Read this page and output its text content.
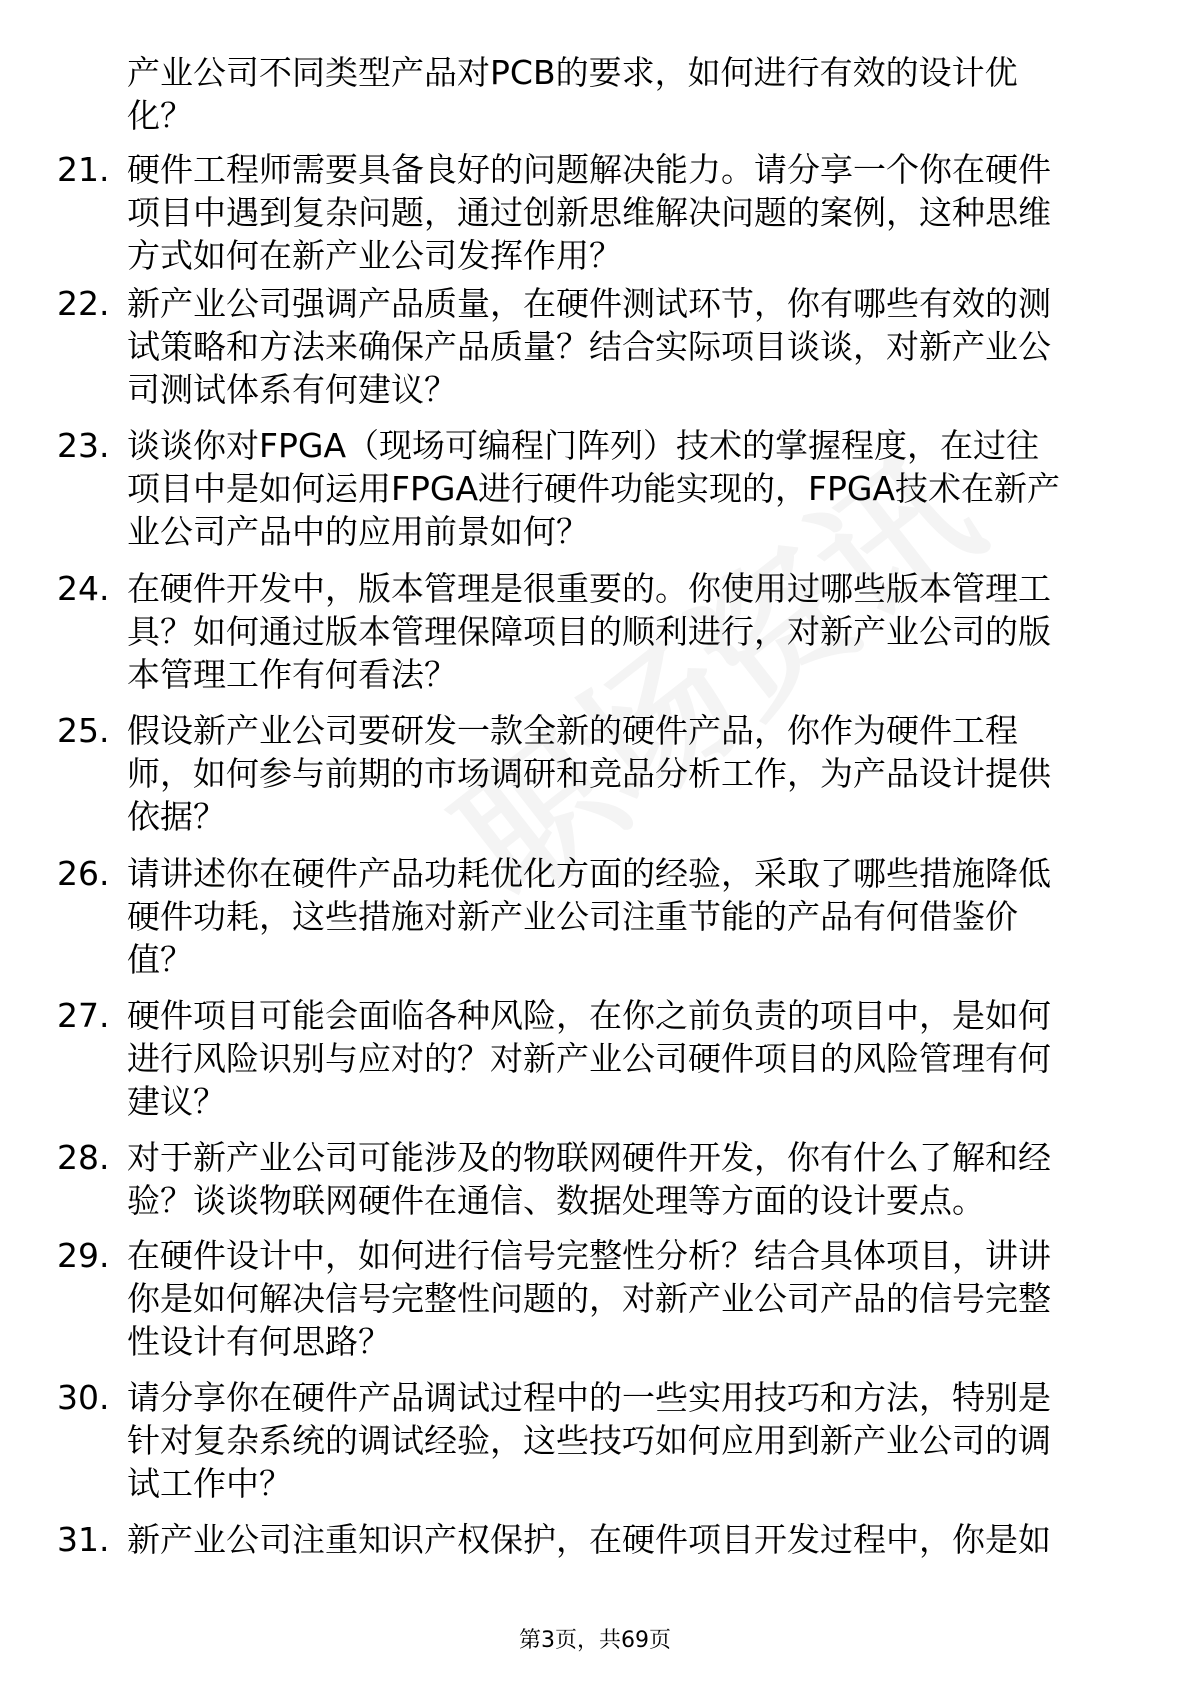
产业公司不同类型产品对PCB的要求，如何进行有效的设计优
化？
21. 硬件工程师需要具备良好的问题解决能力。请分享一个你在硬件
项目中遇到复杂问题，通过创新思维解决问题的案例，这种思维
方式如何在新产业公司发挥作用？
22. 新产业公司强调产品质量，在硬件测试环节，你有哪些有效的测
试策略和方法来确保产品质量？结合实际项目谈谈，对新产业公
司测试体系有何建议？
23. 谈谈你对FPGA（现场可编程门阵列）技术的掌握程度，在过往
项目中是如何运用FPGA进行硬件功能实现的，FPGA技术在新产
业公司产品中的应用前景如何？
24. 在硬件开发中，版本管理是很重要的。你使用过哪些版本管理工
具？如何通过版本管理保障项目的顺利进行，对新产业公司的版
本管理工作有何看法？
25. 假设新产业公司要研发一款全新的硬件产品，你作为硬件工程
师，如何参与前期的市场调研和竞品分析工作，为产品设计提供
依据？
26. 请讲述你在硬件产品功耗优化方面的经验，采取了哪些措施降低
硬件功耗，这些措施对新产业公司注重节能的产品有何借鉴价
值？
27. 硬件项目可能会面临各种风险，在你之前负责的项目中，是如何
进行风险识别与应对的？对新产业公司硬件项目的风险管理有何
建议？
28. 对于新产业公司可能涉及的物联网硬件开发，你有什么了解和经
验？谈谈物联网硬件在通信、数据处理等方面的设计要点。
29. 在硬件设计中，如何进行信号完整性分析？结合具体项目，讲讲
你是如何解决信号完整性问题的，对新产业公司产品的信号完整
性设计有何思路？
30. 请分享你在硬件产品调试过程中的一些实用技巧和方法，特别是
针对复杂系统的调试经验，这些技巧如何应用到新产业公司的调
试工作中？
31. 新产业公司注重知识产权保护，在硬件项目开发过程中，你是如
第3页，共69页
